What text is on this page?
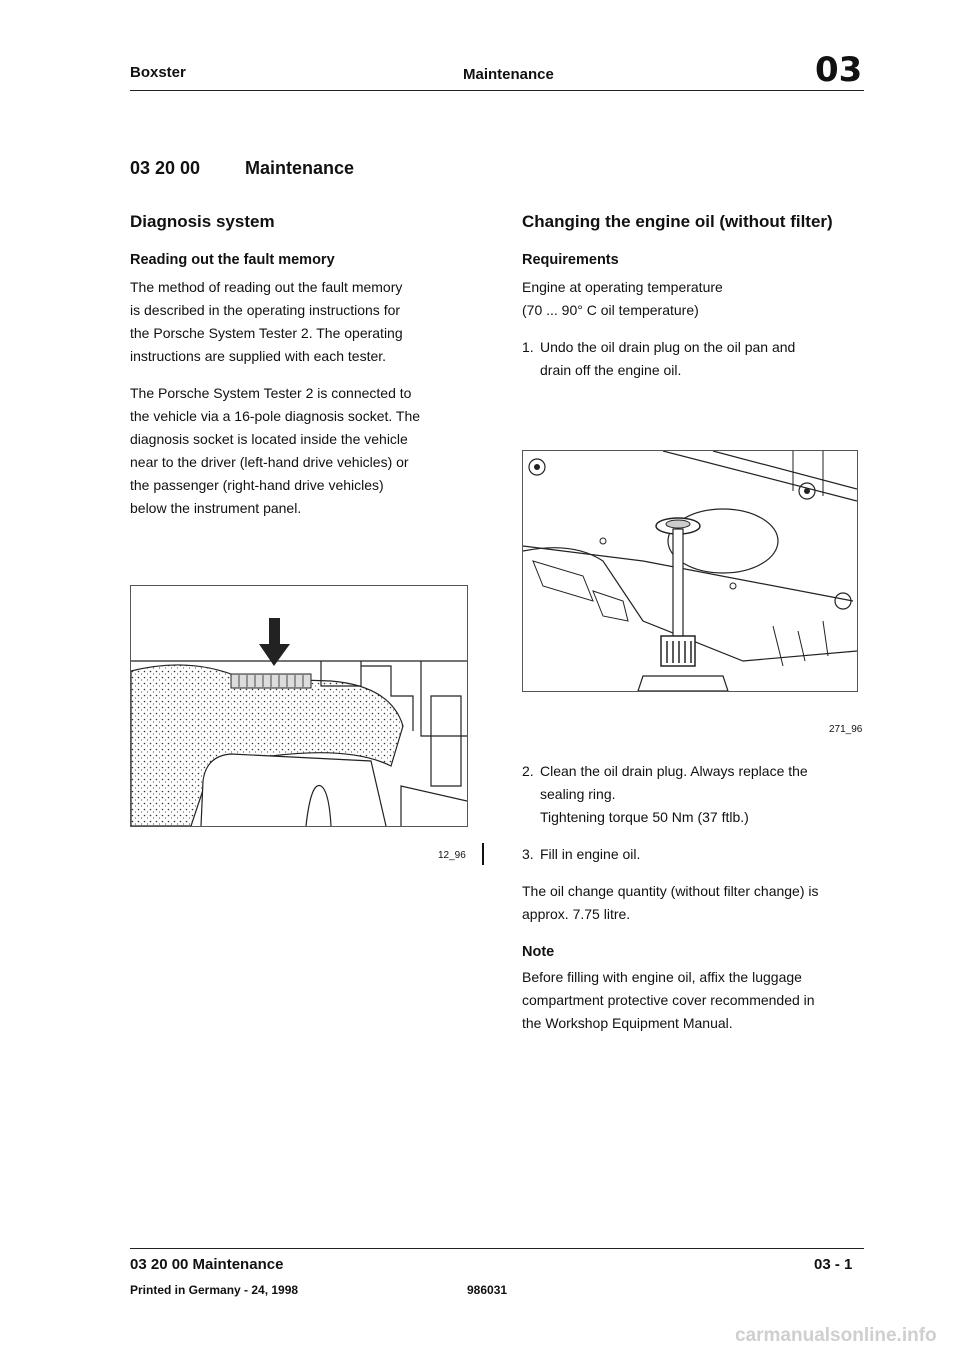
Boxster	Maintenance	03
03 20 00 Maintenance
Diagnosis system
Reading out the fault memory
The method of reading out the fault memory
is described in the operating instructions for
the Porsche System Tester 2. The operating
instructions are supplied with each tester.
The Porsche System Tester 2 is connected to
the vehicle via a 16-pole diagnosis socket. The
diagnosis socket is located inside the vehicle
near to the driver (left-hand drive vehicles) or
the passenger (right-hand drive vehicles)
below the instrument panel.
12_96
Changing the engine oil (without filter)
Requirements
Engine at operating temperature
(70 ... 90° C oil temperature)
1. Undo the oil drain plug on the oil pan and
drain off the engine oil.
271_96
2. Clean the oil drain plug. Always replace the
sealing ring.
Tightening torque 50 Nm (37 ftlb.)
3. Fill in engine oil.
The oil change quantity (without filter change) is
approx. 7.75 litre.
Note
Before filling with engine oil, affix the luggage
compartment protective cover recommended in
the Workshop Equipment Manual.
03 20 00 Maintenance	03 - 1
Printed in Germany - 24, 1998	986031
carmanualsonline.info
